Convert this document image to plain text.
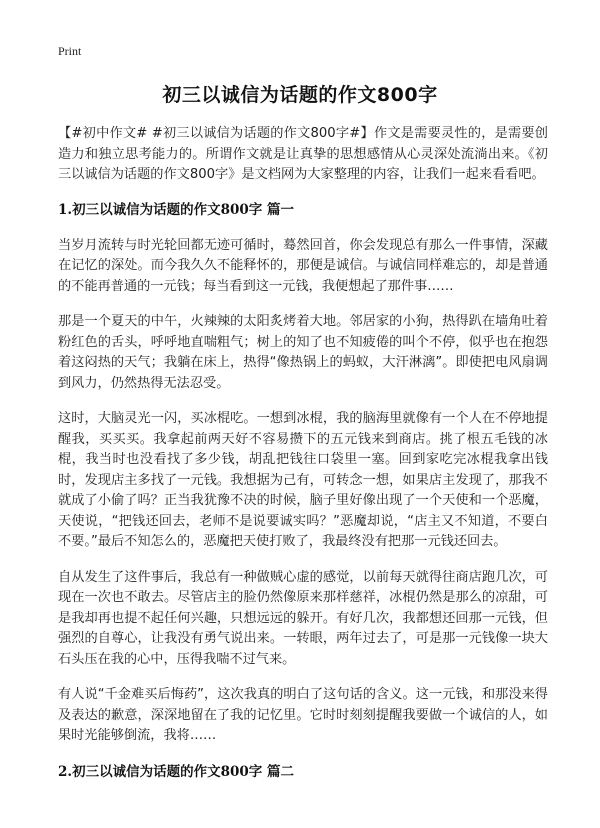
Print
初三以诚信为话题的作文800字

【#初中作文# #初三以诚信为话题的作文800字#】作文是需要灵性的，是需要创造力和独立思考能力的。所谓作文就是让真挚的思想感情从心灵深处流淌出来。《初三以诚信为话题的作文800字》是文档网为大家整理的内容，让我们一起来看看吧。

1.初三以诚信为话题的作文800字 篇一

当岁月流转与时光轮回都无迹可循时，蓦然回首，你会发现总有那么一件事情，深藏在记忆的深处。而今我久久不能释怀的，那便是诚信。与诚信同样难忘的，却是普通的不能再普通的一元钱；每当看到这一元钱，我便想起了那件事……

那是一个夏天的中午，火辣辣的太阳炙烤着大地。邻居家的小狗，热得趴在墙角吐着粉红色的舌头，呼呼地直喘粗气；树上的知了也不知疲倦的叫个不停，似乎也在抱怨着这闷热的天气；我躺在床上，热得“像热锅上的蚂蚁，大汗淋漓”。即使把电风扇调到风力，仍然热得无法忍受。

这时，大脑灵光一闪，买冰棍吃。一想到冰棍，我的脑海里就像有一个人在不停地提醒我，买买买。我拿起前两天好不容易攒下的五元钱来到商店。挑了根五毛钱的冰棍，我当时也没看找了多少钱，胡乱把钱往口袋里一塞。回到家吃完冰棍我拿出钱时，发现店主多找了一元钱。我想据为己有，可转念一想，如果店主发现了，那我不就成了小偷了吗？正当我犹豫不决的时候，脑子里好像出现了一个天使和一个恶魔，天使说，“把钱还回去，老师不是说要诚实吗？”恶魔却说，“店主又不知道，不要白不要。”最后不知怎么的，恶魔把天使打败了，我最终没有把那一元钱还回去。

自从发生了这件事后，我总有一种做贼心虚的感觉，以前每天就得往商店跑几次，可现在一次也不敢去。尽管店主的脸仍然像原来那样慈祥，冰棍仍然是那么的凉甜，可是我却再也提不起任何兴趣，只想远远的躲开。有好几次，我都想还回那一元钱，但强烈的自尊心，让我没有勇气说出来。一转眼，两年过去了，可是那一元钱像一块大石头压在我的心中，压得我喘不过气来。

有人说“千金难买后悔药”，这次我真的明白了这句话的含义。这一元钱，和那没来得及表达的歉意，深深地留在了我的记忆里。它时时刻刻提醒我要做一个诚信的人，如果时光能够倒流，我将……

2.初三以诚信为话题的作文800字 篇二
